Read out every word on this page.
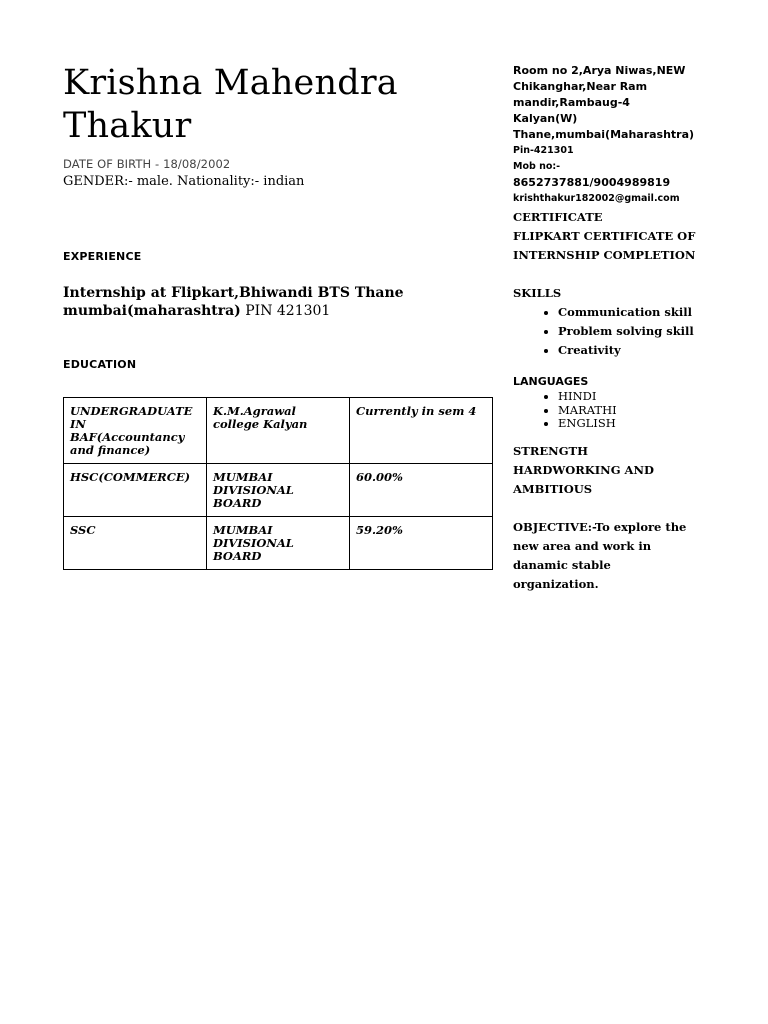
Krishna Mahendra Thakur
DATE OF BIRTH - 18/08/2002
GENDER:- male. Nationality:- indian
EXPERIENCE
Internship at Flipkart,Bhiwandi BTS Thane mumbai(maharashtra) PIN 421301
EDUCATION
UNDERGRADUATE IN BAF(Accountancy and finance)	K.M.Agrawal college Kalyan	Currently in sem 4
HSC(COMMERCE)	MUMBAI DIVISIONAL BOARD	60.00%
SSC	MUMBAI DIVISIONAL BOARD	59.20%
Room no 2,Arya Niwas,NEW Chikanghar,Near Ram mandir,Rambaug-4 Kalyan(W) Thane,mumbai(Maharashtra)
Pin-421301
Mob no:-
8652737881/9004989819
krishthakur182002@gmail.com
CERTIFICATE
FLIPKART CERTIFICATE OF INTERNSHIP COMPLETION
SKILLS
• Communication skill
• Problem solving skill
• Creativity
LANGUAGES
• HINDI
• MARATHI
• ENGLISH
STRENGTH
HARDWORKING AND AMBITIOUS
OBJECTIVE:-To explore the new area and work in danamic stable organization.
